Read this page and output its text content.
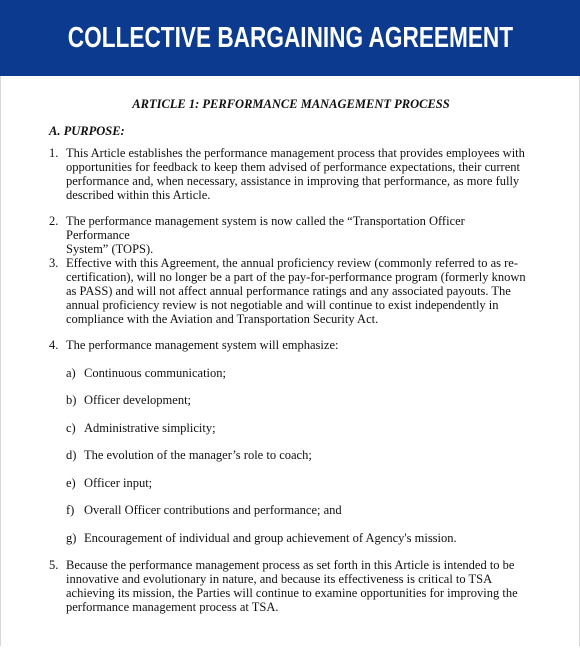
COLLECTIVE BARGAINING AGREEMENT
ARTICLE 1: PERFORMANCE MANAGEMENT PROCESS
A. PURPOSE:
1. This Article establishes the performance management process that provides employees with
opportunities for feedback to keep them advised of performance expectations, their current
performance and, when necessary, assistance in improving that performance, as more fully
described within this Article.
2. The performance management system is now called the “Transportation Officer Performance
System” (TOPS).
3. Effective with this Agreement, the annual proficiency review (commonly referred to as re-
certification), will no longer be a part of the pay-for-performance program (formerly known
as PASS) and will not affect annual performance ratings and any associated payouts. The
annual proficiency review is not negotiable and will continue to exist independently in
compliance with the Aviation and Transportation Security Act.
4. The performance management system will emphasize:
a) Continuous communication;
b) Officer development;
c) Administrative simplicity;
d) The evolution of the manager’s role to coach;
e) Officer input;
f) Overall Officer contributions and performance; and
g) Encouragement of individual and group achievement of Agency's mission.
5. Because the performance management process as set forth in this Article is intended to be
innovative and evolutionary in nature, and because its effectiveness is critical to TSA
achieving its mission, the Parties will continue to examine opportunities for improving the
performance management process at TSA.
